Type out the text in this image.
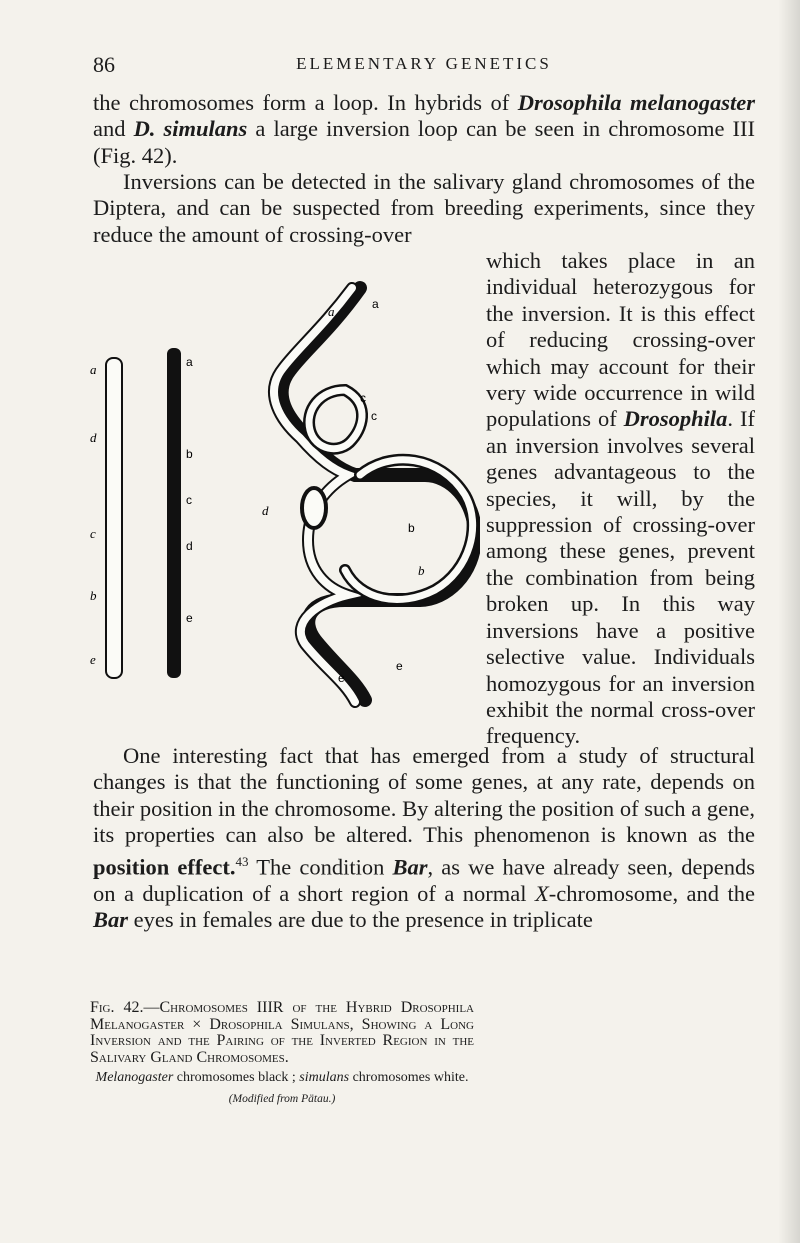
86	ELEMENTARY GENETICS
the chromosomes form a loop. In hybrids of Drosophila melanogaster and D. simulans a large inversion loop can be seen in chromosome III (Fig. 42).
Inversions can be detected in the salivary gland chromosomes of the Diptera, and can be suspected from breeding experiments, since they reduce the amount of crossing-over
which takes place in an individual heterozygous for the inversion. It is this effect of reducing crossing-over which may account for their very wide occurrence in wild populations of Drosophila. If an inversion involves several genes advantageous to the species, it will, by the suppression of crossing-over among these genes, prevent the combination from being broken up. In this way inversions have a positive selective value. Individuals homozygous for an inversion exhibit the normal cross-over frequency.
a
d
c
b
e
a
b
c
d
e
a	a
c
c
d
b
b
e
e
Fig. 42.—Chromosomes IIIR of the Hybrid Drosophila Melanogaster × Drosophila Simulans, Showing a Long Inversion and the Pairing of the Inverted Region in the Salivary Gland Chromosomes.
Melanogaster chromosomes black ; simulans chromosomes white.
(Modified from Pätau.)
One interesting fact that has emerged from a study of structural changes is that the functioning of some genes, at any rate, depends on their position in the chromosome. By altering the position of such a gene, its properties can also be altered. This phenomenon is known as the position effect.$^{43}$ The condition Bar, as we have already seen, depends on a duplication of a short region of a normal X-chromosome, and the Bar eyes in females are due to the presence in triplicate
